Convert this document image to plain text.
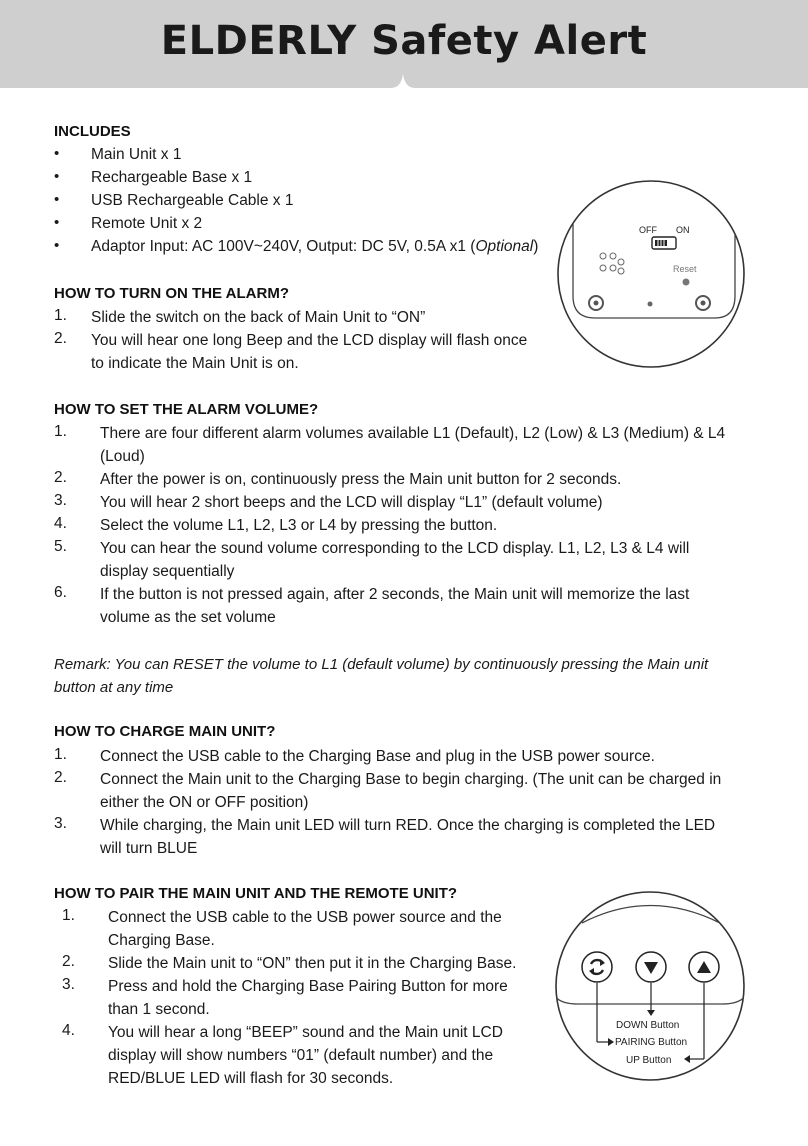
ELDERLY Safety Alert
INCLUDES
• Main Unit x 1
• Rechargeable Base x 1
• USB Rechargeable Cable x 1
• Remote Unit x 2
• Adaptor Input: AC 100V~240V, Output: DC 5V, 0.5A x1 (Optional)
HOW TO TURN ON THE ALARM?
1. Slide the switch on the back of Main Unit to “ON”
2. You will hear one long Beep and the LCD display will flash once
to indicate the Main Unit is on.
OFF ON
Reset
HOW TO SET THE ALARM VOLUME?
1. There are four different alarm volumes available L1 (Default), L2 (Low) & L3 (Medium) & L4
(Loud)
2. After the power is on, continuously press the Main unit button for 2 seconds.
3. You will hear 2 short beeps and the LCD will display “L1” (default volume)
4. Select the volume L1, L2, L3 or L4 by pressing the button.
5. You can hear the sound volume corresponding to the LCD display. L1, L2, L3 & L4 will
display sequentially
6. If the button is not pressed again, after 2 seconds, the Main unit will memorize the last
volume as the set volume
Remark: You can RESET the volume to L1 (default volume) by continuously pressing the Main unit
button at any time
HOW TO CHARGE MAIN UNIT?
1. Connect the USB cable to the Charging Base and plug in the USB power source.
2. Connect the Main unit to the Charging Base to begin charging. (The unit can be charged in
either the ON or OFF position)
3. While charging, the Main unit LED will turn RED. Once the charging is completed the LED
will turn BLUE
HOW TO PAIR THE MAIN UNIT AND THE REMOTE UNIT?
1. Connect the USB cable to the USB power source and the
Charging Base.
2. Slide the Main unit to “ON” then put it in the Charging Base.
3. Press and hold the Charging Base Pairing Button for more
than 1 second.
4. You will hear a long “BEEP” sound and the Main unit LCD
display will show numbers “01” (default number) and the
RED/BLUE LED will flash for 30 seconds.
DOWN Button
PAIRING Button
UP Button
